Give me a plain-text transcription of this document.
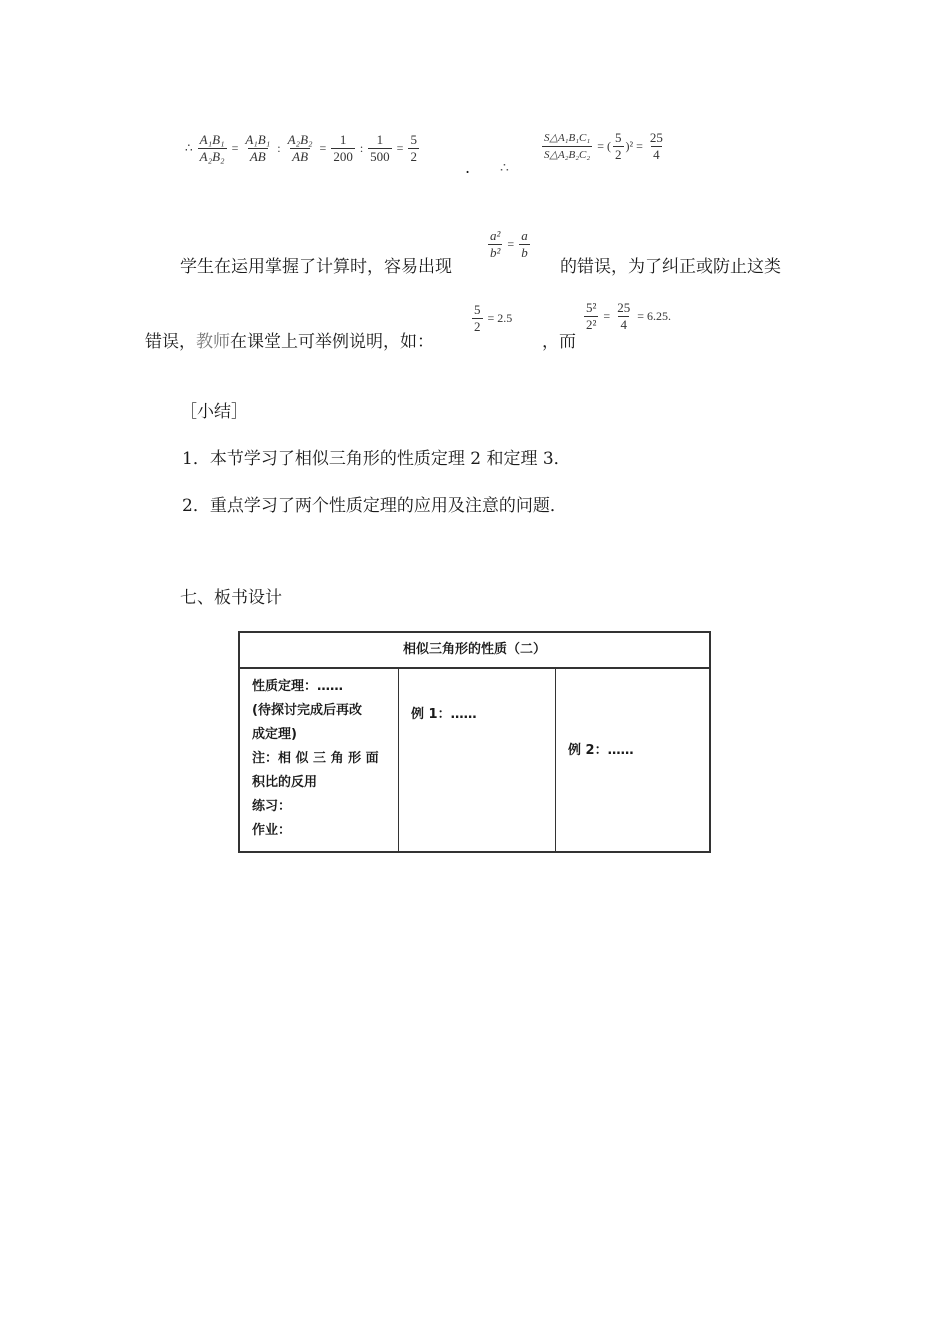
∴ $\frac{\text{A₁B₁}}{\text{A₂B₂}} = \frac{\text{A₁B₁}}{AB}$ : $\frac{\text{A₂B₂}}{AB} = \frac{1}{200}$ : $\frac{1}{500} = \frac{5}{2}$
. ∴
$\frac{\text{S△A₁B₁C₁}}{\text{S△A₂B₂C₂}}$ = ( $\frac{5}{2} )^2 = \frac{25}{4}$
学生在运用掌握了计算时，容易出现
$\frac{\text{a²}}{\text{b²}} = \frac{a}{b}$
的错误，为了纠正或防止这类
错误，教师在课堂上可举例说明，如：
$\frac{5}{2} = 2.5$
，而
$\frac{\text{5²}}{\text{2²}} = \frac{25}{4} = 6.25$.
［小结］
1．本节学习了相似三角形的性质定理 2 和定理 3．
2．重点学习了两个性质定理的应用及注意的问题．
七、板书设计
相似三角形的性质（二）
性质定理：……
(待探讨完成后再改
成定理)
注：相 似 三 角 形 面
积比的反用
练习：
作业：
例 1：……
例 2：……
